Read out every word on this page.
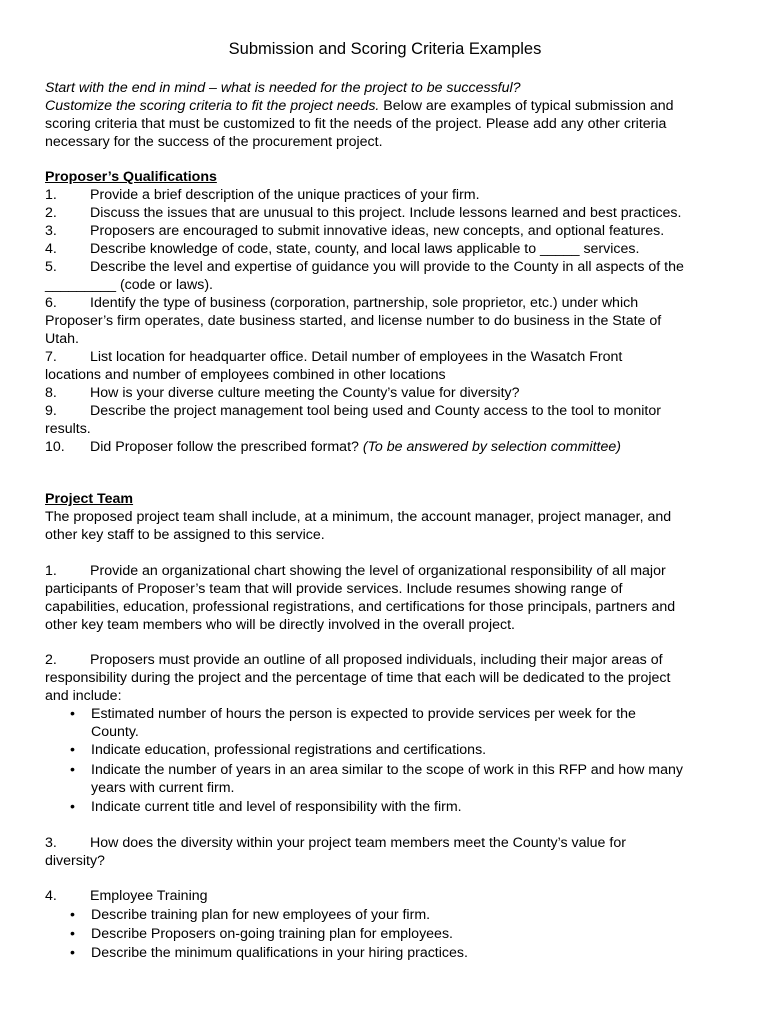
Submission and Scoring Criteria Examples
Start with the end in mind – what is needed for the project to be successful?
Customize the scoring criteria to fit the project needs. Below are examples of typical submission and
scoring criteria that must be customized to fit the needs of the project. Please add any other criteria
necessary for the success of the procurement project.
Proposer’s Qualifications
1. Provide a brief description of the unique practices of your firm.
2. Discuss the issues that are unusual to this project. Include lessons learned and best practices.
3. Proposers are encouraged to submit innovative ideas, new concepts, and optional features.
4. Describe knowledge of code, state, county, and local laws applicable to _____ services.
5. Describe the level and expertise of guidance you will provide to the County in all aspects of the
_________ (code or laws).
6. Identify the type of business (corporation, partnership, sole proprietor, etc.) under which
Proposer’s firm operates, date business started, and license number to do business in the State of
Utah.
7. List location for headquarter office. Detail number of employees in the Wasatch Front
locations and number of employees combined in other locations
8. How is your diverse culture meeting the County’s value for diversity?
9. Describe the project management tool being used and County access to the tool to monitor
results.
10. Did Proposer follow the prescribed format? (To be answered by selection committee)
Project Team
The proposed project team shall include, at a minimum, the account manager, project manager, and
other key staff to be assigned to this service.
1. Provide an organizational chart showing the level of organizational responsibility of all major
participants of Proposer’s team that will provide services. Include resumes showing range of
capabilities, education, professional registrations, and certifications for those principals, partners and
other key team members who will be directly involved in the overall project.
2. Proposers must provide an outline of all proposed individuals, including their major areas of
responsibility during the project and the percentage of time that each will be dedicated to the project
and include:
• Estimated number of hours the person is expected to provide services per week for the
County.
• Indicate education, professional registrations and certifications.
• Indicate the number of years in an area similar to the scope of work in this RFP and how many
years with current firm.
• Indicate current title and level of responsibility with the firm.
3. How does the diversity within your project team members meet the County’s value for
diversity?
4. Employee Training
• Describe training plan for new employees of your firm.
• Describe Proposers on-going training plan for employees.
• Describe the minimum qualifications in your hiring practices.
